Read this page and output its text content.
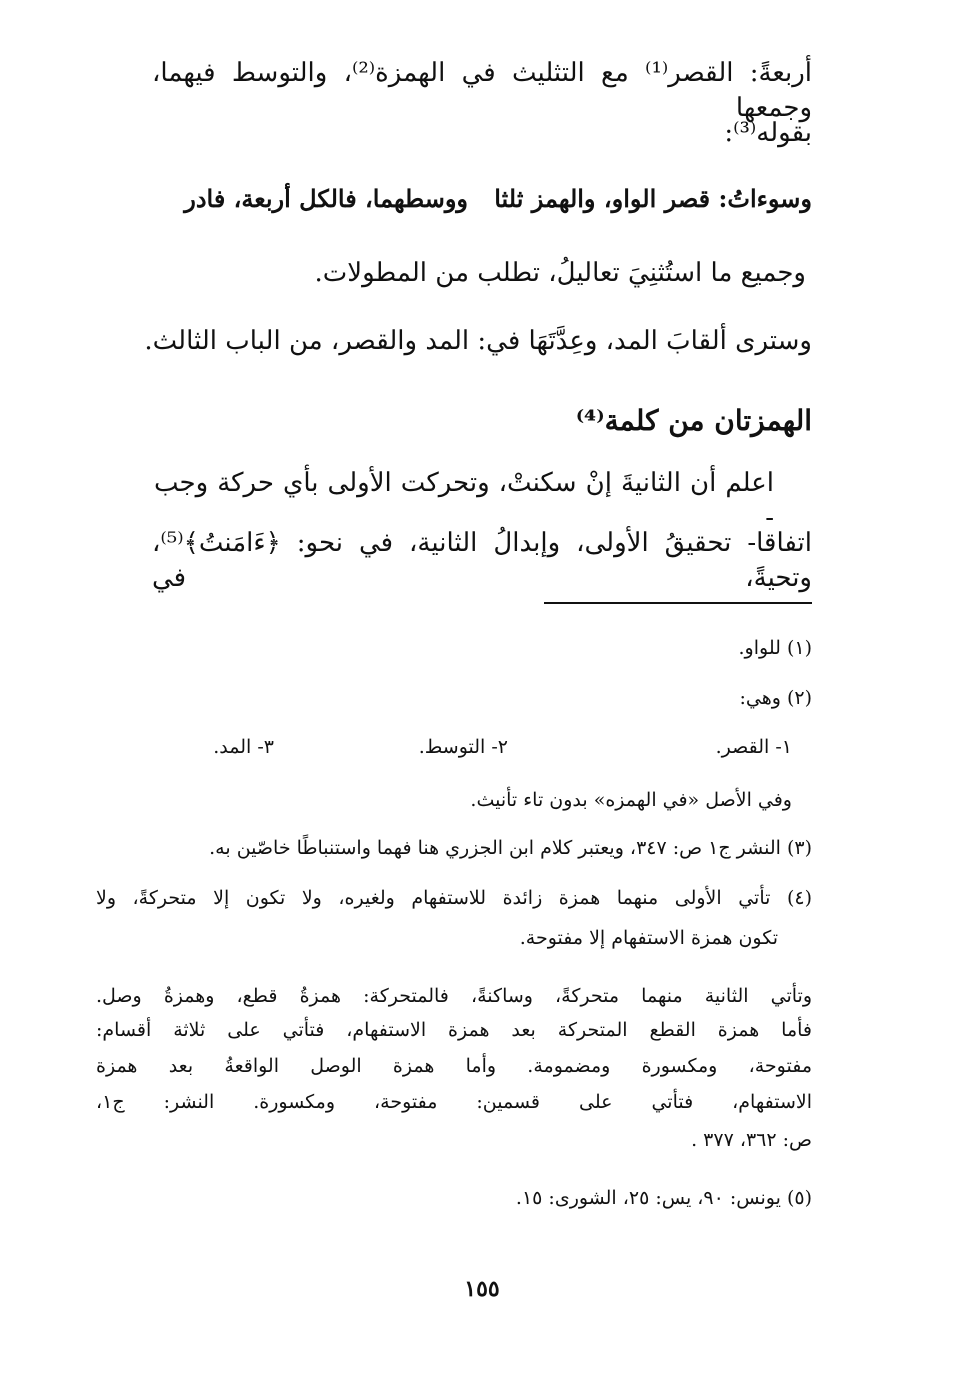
أربعةً: القصر⁽¹⁾ مع التثليث في الهمزة⁽²⁾، والتوسط فيهما، وجمعها
بقوله⁽³⁾:
وسوءاتُ: قصر الواو، والهمز ثلثا
ووسطهما، فالكل أربعة، فادر
وجميع ما استُثنِيَ تعاليلُ، تطلب من المطولات.
وسترى ألقابَ المد، وعِدَّتَهَا في: المد والقصر، من الباب الثالث.
الهمزتان من كلمة⁽⁴⁾
اعلم أن الثانيةَ إنْ سكنتْ، وتحركت الأولى بأي حركة وجب -
اتفاقا- تحقيقُ الأولى، وإبدالُ الثانية، في نحو: ﴿ءَامَنتُ﴾⁽⁵⁾، وتحيةً، في
(١) للواو.
(٢) وهي:
١- القصر.
٢- التوسط.
٣- المد.
وفي الأصل «في الهمزه» بدون تاء تأنيث.
(٣) النشر ج١ ص: ٣٤٧، ويعتبر كلام ابن الجزري هنا فهما واستنباطًا خاصّين به.
(٤) تأتي الأولى منهما همزة زائدة للاستفهام ولغيره، ولا تكون إلا متحركةً، ولا
تكون همزة الاستفهام إلا مفتوحة.
وتأتي الثانية منهما متحركةً، وساكنةً، فالمتحركة: همزةُ قطع، وهمزةُ وصل.
فأما همزة القطع المتحركة بعد همزة الاستفهام، فتأتي على ثلاثة أقسام:
مفتوحة، ومكسورة ومضمومة. وأما همزة الوصل الواقعةُ بعد همزة
الاستفهام، فتأتي على قسمين: مفتوحة، ومكسورة. النشر: ج١،
ص: ٣٦٢، ٣٧٧ .
(٥) يونس: ٩٠، يس: ٢٥، الشورى: ١٥.
١٥٥
